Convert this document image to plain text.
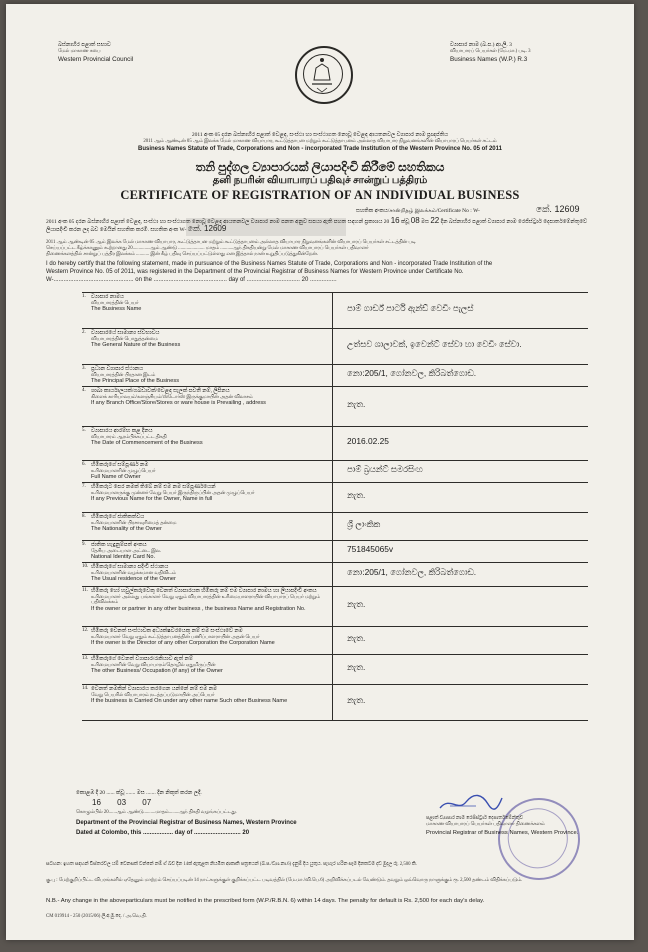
බස්නාහිර පළාත් සභාව
மேல் மாகாண சபை
Western Provincial Council
ව්‍යාපාර නාම (බ.ප.) ආ.ලි. 3
வியாபாரப் பெயர்கள் (மே.மா.) படி. 3
Business Names (W.P.) R.3
2011 අංක 05 දරන බස්නාහිර පළාත් වෙළඳ, සංස්ථා හා සංස්ථාගත නොවූ වෙළඳ ආයතනවල ව්‍යාපාර නාම ප්‍රඥප්තිය
2011 ஆம் ஆண்டின் 05 ஆம் இலக்க மேல் மாகாண வியாபார, கூட்டுத்தாபன மற்றும் கூட்டுத்தாபனம் அல்லாத வியாபார நிறுவனங்களின் வியாபாரப் பெயர்கள் சட்டம்
Business Names Statute of Trade, Corporations and Non - incorporated Trade Institution of the Western Province No. 05 of 2011
තනි පුද්ගල ව්‍යාපාරයක් ලියාපදිංචි කිරීමේ සහතිකය
தனி நபரின் வியாபாரப் பதிவுச் சான்றுப் பத்திரம்
CERTIFICATE OF REGISTRATION OF AN INDIVIDUAL BUSINESS
සහතික අංකය/சான்றிதழ் இலக்கம்/Certificate No : W-	කේ. 12609
2011 අංක 05 දරන බස්නාහිර පළාත් වෙළඳ, සංස්ථා හා සංස්ථාගත නොවූ වෙළඳ ආයතනවල ව්‍යාපාර නාම පනත අනුව සපයා ඇති පහත සඳහන් ප්‍රකාශය 20 16 ක්වූ 08 මස 22 දින බස්නාහිර පළාත් ව්‍යාපාර නාම රෙජිස්ට්‍රාර් දෙපාර්තමේන්තුවේ ලියාපදිංචි කරන ලද බව මෙයින් සහතික කරමි. සහතික අංක W- කේ. 12609
2011 ஆம் ஆண்டின் 05 ஆம் இலக்க மேல் மாகாண வியாபார, கூட்டுத்தாபன மற்றும் கூட்டுத்தாபனம் அல்லாத வியாபார நிறுவனங்களின் வியாபாரப் பெயர்கள் சட்டத்தின் படி
செய்யப்பட்ட கீழ்க்காணும் கூற்றானது 20..............ஆம் ஆண்டு ...................... மாதம் ..........ஆந் திகதியன்று மேல் மாகாண வியாபாரப் பெயர்கள் பதிவாளர்
திணைக்களத்தில் சான்றுப் பத்திர இலக்கம் ........... இன் கீழ் பதிவு செய்யப்பட்டுள்ளது என இத்தால் நான் உறுதிப்படுத்துகின்றேன்.
I do hereby certify that the following statement, made in pursuance of the Business Names Statute of Trade, Corporations and Non - incorporated Trade Institution of the
Western Province No. 05 of 2011, was registered in the Department of the Provincial Registrar of Business Names for Western Province under Certificate No.
W-................................................ on the ............................................ day of ................................ 20 ................
1. ව්‍යාපාර නාමය
வியாபாரத்தின் பெயர்
The Business Name	පාම් ගාර්ඩ් පාර්ටි ඇන්ඩ් වෙඩිං පැලස්
2. ව්‍යාපාරයේ සාමාන්‍ය ස්වභාවය
வியாபாரத்தின் பொதுத்தன்மை
The General Nature of the Business	උත්සව ශාලාවක්, ඉවෙන්ට් සේවා හා වෙඩිං සේවා.
3. ප්‍රධාන ව්‍යාපාර ස්ථානය
வியாபாரத்தின் பிரதான இடம்
The Principal Place of the Business
නො:205/1, ගෝනවල, කිරිබත්ගොඩ.
4. ශාඛා කාර්යාලයක්/ගබඩාවක්/වෙළඳ සැලක් පවතී නම්, ලිපිනය
கிளைக் காரியாலயம்/களஞ்சியம்/ஸ்டோர்ஸ் இருக்குமாயின் அதன் விலாசம்
If any Branch Office/Store/Stores or ware house is Prevailing , address	නැත.
5. ව්‍යාපාරය ආරම්භ කළ දිනය
வியாபாரம் ஆரம்பிக்கப்பட்ட திகதி
The Date of Commencement of the Business	2016.02.25
6. හිමිකරුගේ සම්පූර්ණ නම
உரிமையாளரின் முழுப்பெயர்
Full Name of Owner
පාම් බ්‍රයන්ට් සමරසිංහ
7. හිමිකරුට පෙර නමක් තිබේ නම් එම නම සම්පූර්ණයෙන්
உரிமையாளருக்கு முன்னர் வேறு பெயர் இருந்திருப்பின் அதன் முழுப்பெயர்
If any Previous Name for the Owner, Name in full	නැත.
8. හිමිකරුගේ ජාතිකත්වය
உரிமையாளரின் பிரசாவுரிமைத் தன்மை
The Nationality of the Owner
ශ්‍රී ලාංකික
9. ජාතික හැඳුනුම්පත් අංකය
தேசிய அடையாள அட்டை இல.
National Identity Card No.
751845065v
10. හිමිකරුගේ සාමාන්‍ය පදිංචි ස්ථානය
உரிமையாளரின் வழக்கமான வதிவிடம்
The Usual residence of the Owner
නො:205/1, ගෝනවල, කිරිබත්ගොඩ.
11. හිමිකරු හෝ හවුල්කරුවෙකු වෙනත් ව්‍යාපාරයක හිමිකරු නම් එම ව්‍යාපාර නාමය හා ලියාපදිංචි අංකය
உரிமையாளர் அல்லது பங்காளர் வேறு ஏதும் வியாபாரத்தின் உரிமையாளராயின் வியாபாரப் பெயர் மற்றும் பதிவிலக்கம்
If the owner or partner in any other business , the business Name and Registration No.
නැත.
12. හිමිකරු වෙනත් සංස්ථාවක අධ්‍යක්ෂවරයෙකු නම් එම සංස්ථාවේ නම
உரிமையாளர் வேறு ஏதும் கூட்டுத்தாபனத்தின் பணிப்பாளராயின் அதன் பெயர்
If the owner is the Director of any other Corporation the Corporation Name
නැත.
13. හිමිකරුගේ වෙනත් ව්‍යාපාර/රැකියාව ඇත් නම්
உரிமையாளரின் வேறு வியாபாரம்/தொழில் ஏதுமிருப்பின்
The other Business/ Occupation (if any) of the Owner	නැත.
14. වෙනත් නමකින් ව්‍යාපාරය කරගෙන යන්නේ නම් එම නම
வேறு பெயரில் வியாபாரம் நடத்தப்படுமாயின் அப்பெயர்
If the business is Carried On under any other name Such other Business Name	නැත.
කොළඹ දී 20 ...... ක්වූ ....... මස ....... දින නිකුත් කරන ලදී.
16 03 07
கொழும்பில் 20......ஆம் ஆண்டு..........மாதம்........ஆந் திகதி வழங்கப்பட்டது.
Department of the Provincial Registrar of Business Names, Western Province
Dated at Colombo, this .................. day of ............................ 20
පළාත් ව්‍යාපාර නාම රෙජිස්ට්‍රාර් දෙපාර්තමේන්තුව
மாகாண வியாபாரப் பெயர்கள் பதிவாளர் திணைக்களம்
Provincial Registrar of Business Names, Western Province.
සටහන: ඉහත සඳහන් විස්තරවල යම් වෙනසක් වන්නේ නම් ඒ බව දින 14ක් ඇතුළත නියමිත ආකෘති පත්‍රයෙන් (බ.ප./ව්‍යා.නා.6) දැනුම් දිය යුතුය. පැහැර හරින සෑම දිනකටම දඩ මුදල රු. 2,500 කි.
கு.பு : மேற்குறிப்பிட்ட விபரங்களில் ஏதேனும் மாற்றம் செய்யப்படின் 14 நாட்களுக்குள் குறிக்கப்பட்ட படிவத்தில் (மே.மா./வி.பெ.6) அறிவிக்கப்படல் வேண்டும். தவறும் ஒவ்வொரு நாளுக்கும் ரூ. 2,500 தண்டம் விதிக்கப்படும்.
N.B.- Any change in the aboveparticulars must be notified in the prescribed form (W.P./R.B.N. 6) within 14 days. The penalty for default is Rs. 2,500 for each day's delay.
CM 019914 - 250 (2015/06) ලි.අ.මු.දෙ. / அ.வெ.தி.
